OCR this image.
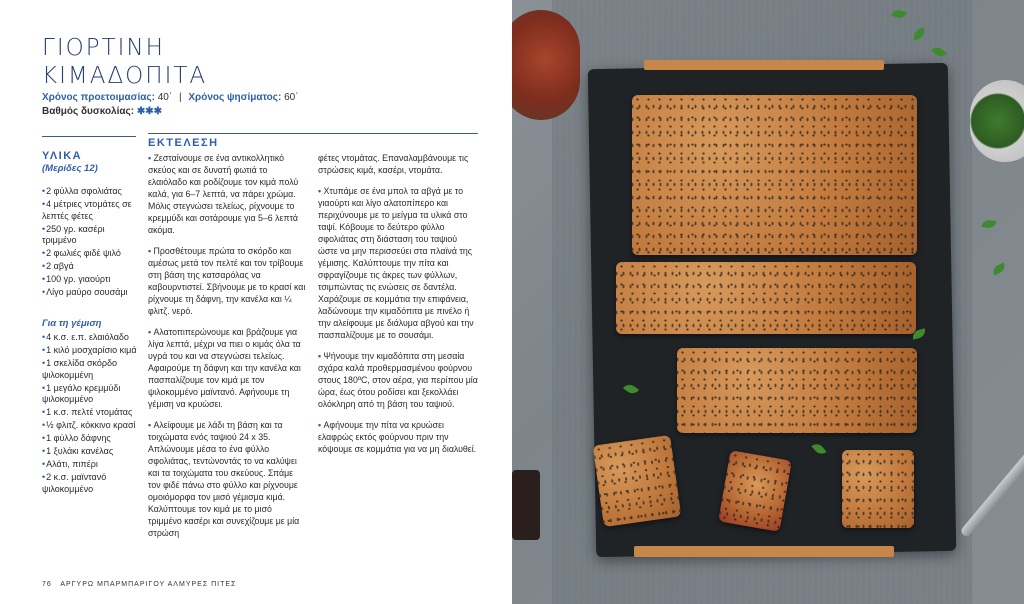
ΓΙΟΡΤΙΝΗ
ΚΙΜΑΔΟΠΙΤΑ
Χρόνος προετοιμασίας: 40΄ | Χρόνος ψησίματος: 60΄
Βαθμός δυσκολίας: ✱✱✱
ΥΛΙΚΑ
(Μερίδες 12)
• 2 φύλλα σφολιάτας
• 4 μέτριες ντομάτες σε λεπτές φέτες
• 250 γρ. κασέρι τριμμένο
• 2 φωλιές φιδέ ψιλό
• 2 αβγά
• 100 γρ. γιαούρτι
• Λίγο μαύρο σουσάμι
Για τη γέμιση
• 4 κ.σ. ε.π. ελαιόλαδο
• 1 κιλό μοσχαρίσιο κιμά
• 1 σκελίδα σκόρδο ψιλοκομμένη
• 1 μεγάλο κρεμμύδι ψιλοκομμένο
• 1 κ.σ. πελτέ ντομάτας
• ½ φλιτζ. κόκκινο κρασί
• 1 φύλλο δάφνης
• 1 ξυλάκι κανέλας
• Αλάτι, πιπέρι
• 2 κ.σ. μαϊντανό ψιλοκομμένο
ΕΚΤΕΛΕΣΗ

• Ζεσταίνουμε σε ένα αντικολλητικό σκεύος και σε δυνατή φωτιά το ελαιόλαδο και ροδίζουμε τον κιμά πολύ καλά, για 6–7 λεπτά, να πάρει χρώμα. Μόλις στεγνώσει τελείως, ρίχνουμε το κρεμμύδι και σοτάρουμε για 5–6 λεπτά ακόμα.

• Προσθέτουμε πρώτα το σκόρδο και αμέσως μετά τον πελτέ και τον τρίβουμε στη βάση της κατσαρόλας να καβουρντιστεί. Σβήνουμε με το κρασί και ρίχνουμε τη δάφνη, την κανέλα και ¼ φλιτζ. νερό.

• Αλατοπιπερώνουμε και βράζουμε για λίγα λεπτά, μέχρι να πιει ο κιμάς όλα τα υγρά του και να στεγνώσει τελείως. Αφαιρούμε τη δάφνη και την κανέλα και πασπαλίζουμε τον κιμά με τον ψιλοκομμένο μαϊντανό. Αφήνουμε τη γέμιση να κρυώσει.

• Αλείφουμε με λάδι τη βάση και τα τοιχώματα ενός ταψιού 24 x 35. Απλώνουμε μέσα το ένα φύλλο σφολιάτας, τεντώνοντάς το να καλύψει και τα τοιχώματα του σκεύους. Σπάμε τον φιδέ πάνω στο φύλλο και ρίχνουμε ομοιόμορφα τον μισό γέμισμα κιμά. Καλύπτουμε τον κιμά με το μισό τριμμένο κασέρι και συνεχίζουμε με μία στρώση

φέτες ντομάτας. Επαναλαμβάνουμε τις στρώσεις κιμά, κασέρι, ντομάτα.

• Χτυπάμε σε ένα μπολ τα αβγά με το γιαούρτι και λίγο αλατοπίπερο και περιχύνουμε με το μείγμα τα υλικά στο ταψί. Κόβουμε το δεύτερο φύλλο σφολιάτας στη διάσταση του ταψιού ώστε να μην περισσεύει στα πλαϊνά της γέμισης. Καλύπτουμε την πίτα και σφραγίζουμε τις άκρες των φύλλων, τσιμπώντας τις ενώσεις σε δαντέλα. Χαράζουμε σε κομμάτια την επιφάνεια, λαδώνουμε την κιμαδόπιτα με πινέλο ή την αλείφουμε με διάλυμα αβγού και την πασπαλίζουμε με το σουσάμι.

• Ψήνουμε την κιμαδόπιτα στη μεσαία σχάρα καλά προθερμασμένου φούρνου στους 180ºC, στον αέρα, για περίπου μία ώρα, έως ότου ροδίσει και ξεκολλάει ολόκληρη από τη βάση του ταψιού.

• Αφήνουμε την πίτα να κρυώσει ελαφρώς εκτός φούρνου πριν την κόψουμε σε κομμάτια για να μη διαλυθεί.

76 ΑΡΓΥΡΩ ΜΠΑΡΜΠΑΡΙΓΟΥ ΑΛΜΥΡΕΣ ΠΙΤΕΣ
